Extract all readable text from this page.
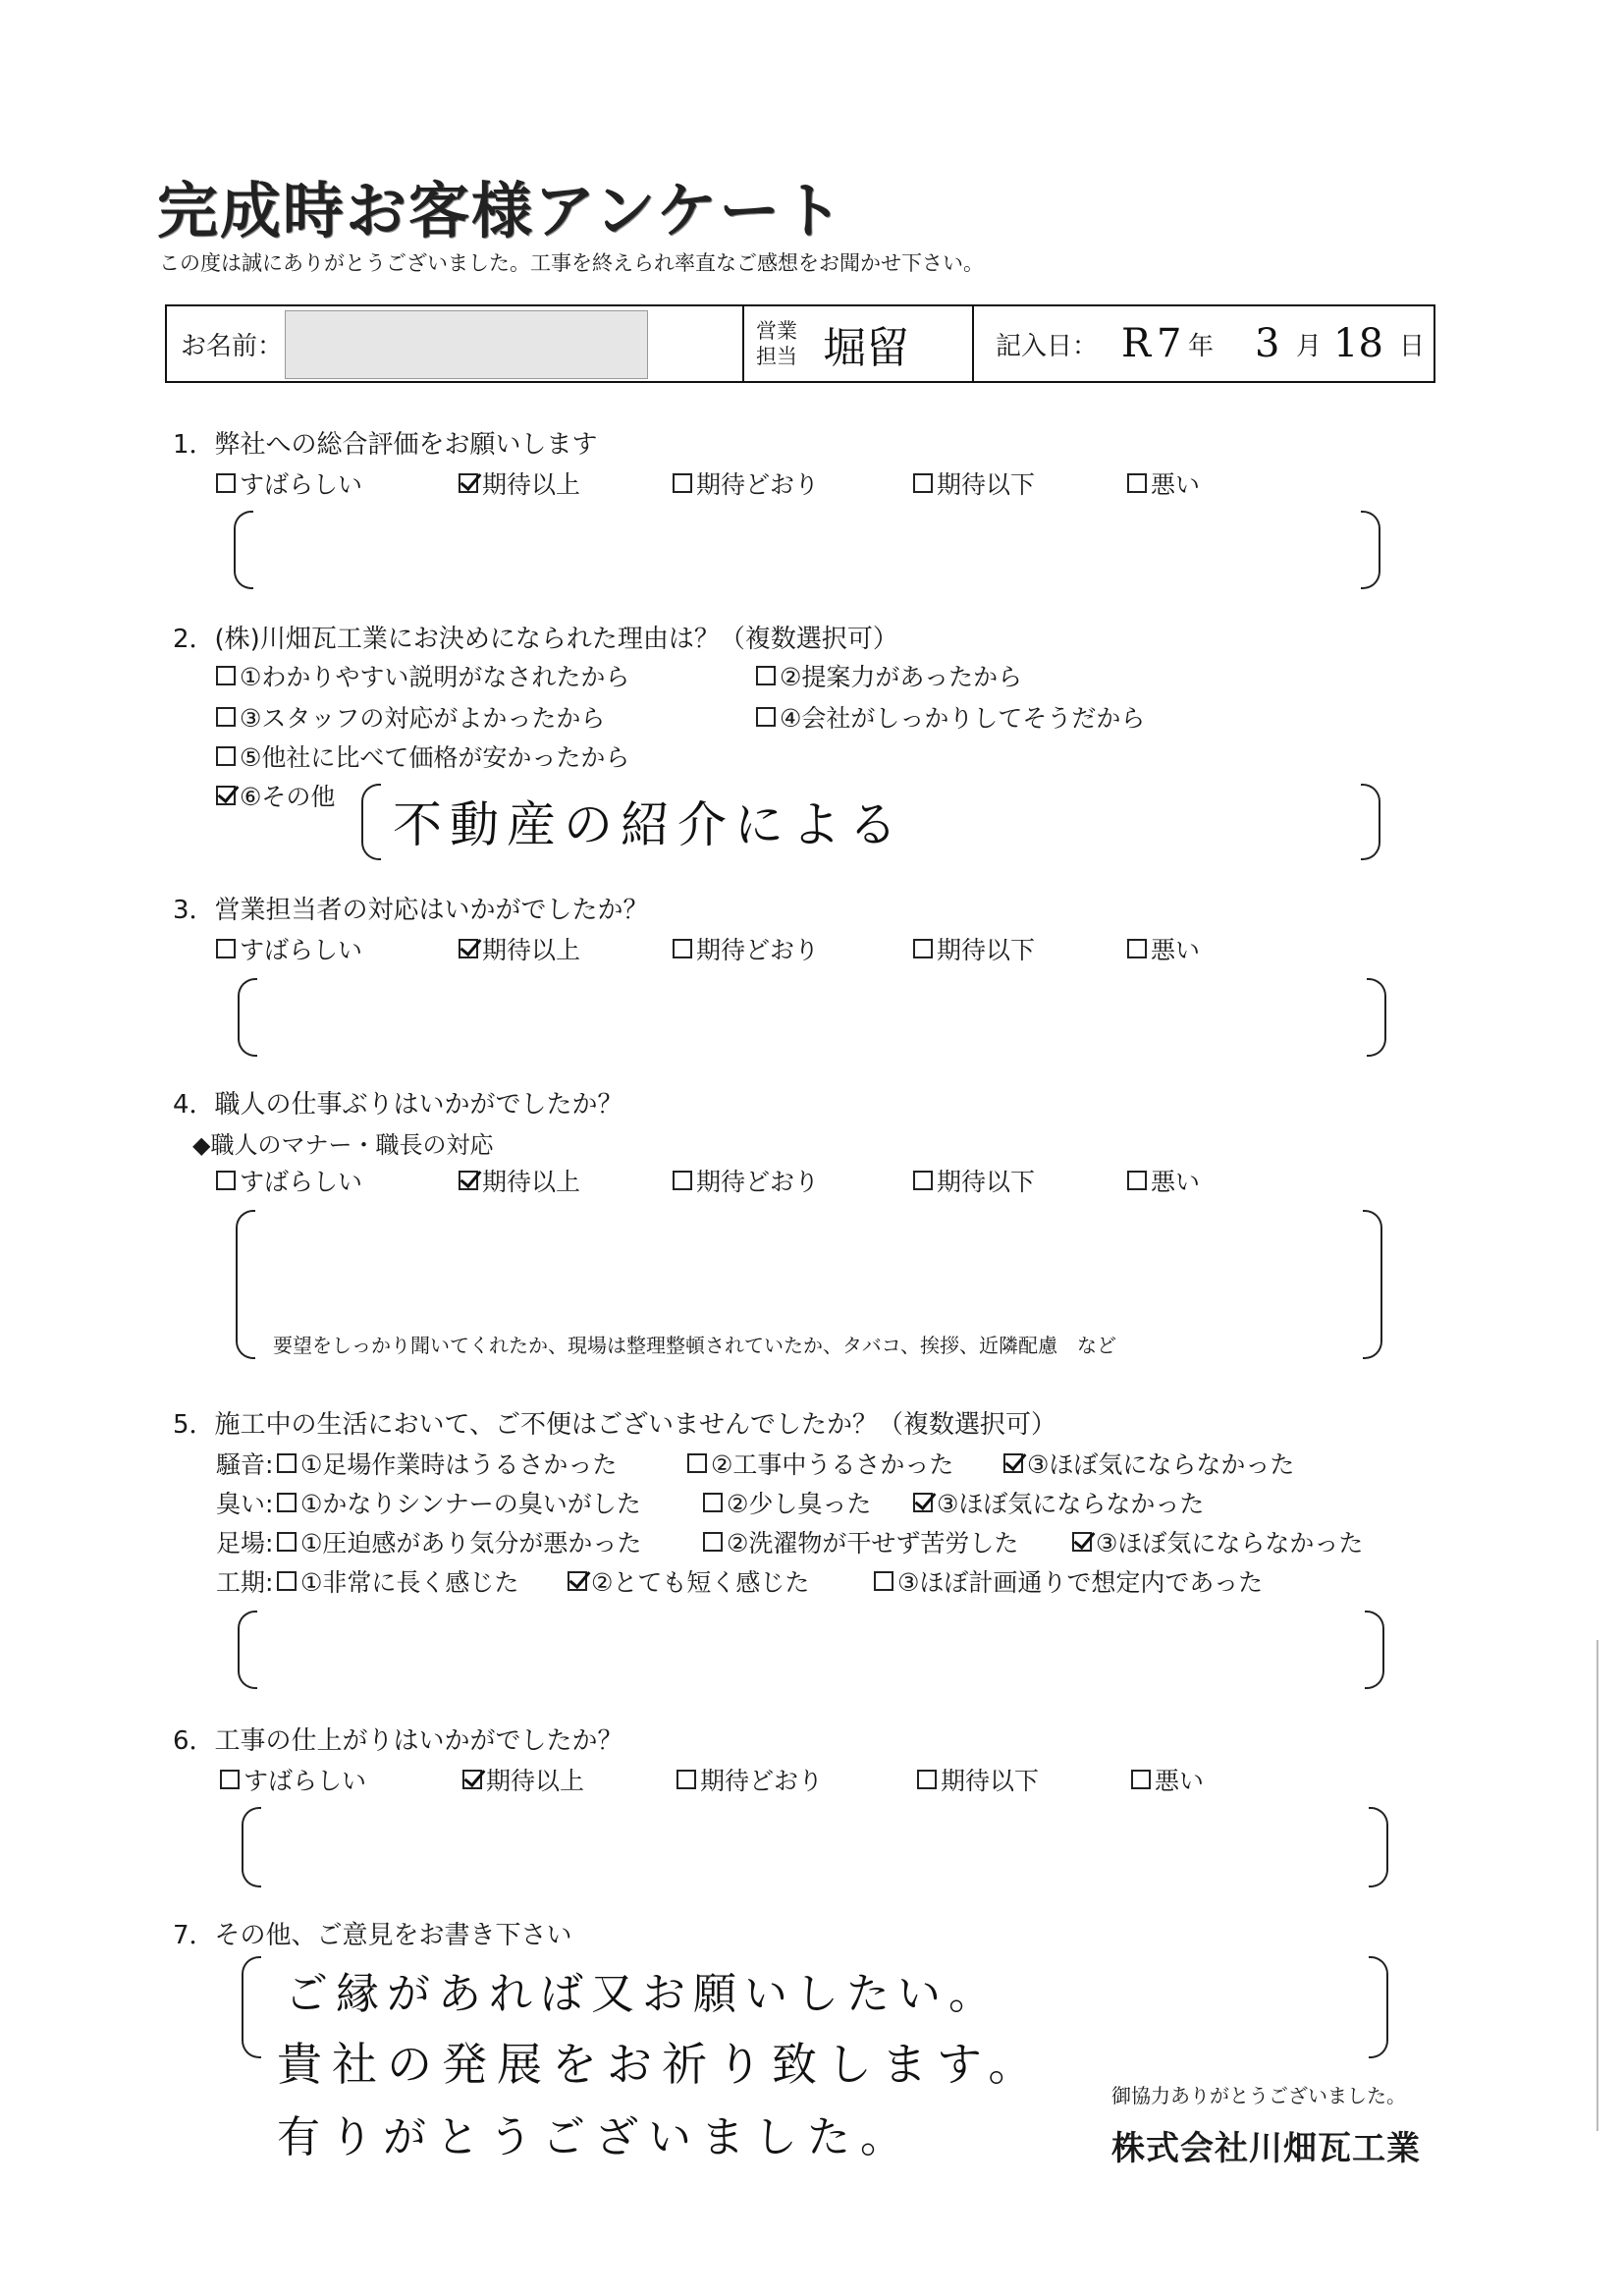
完成時お客様アンケート
この度は誠にありがとうございました。工事を終えられ率直なご感想をお聞かせ下さい。
お名前：
営業
担当 堀留	記入日： R 7 年 3 月 18 日
1．弊社への総合評価をお願いします
すばらしい	期待以上	期待どおり	期待以下	悪い
2．(株)川畑瓦工業にお決めになられた理由は？（複数選択可）
①わかりやすい説明がなされたから	②提案力があったから
③スタッフの対応がよかったから	④会社がしっかりしてそうだから
⑤他社に比べて価格が安かったから
⑥その他 不動産の紹介による
3．営業担当者の対応はいかがでしたか？
すばらしい	期待以上	期待どおり	期待以下	悪い
4．職人の仕事ぶりはいかがでしたか？
◆職人のマナー・職長の対応
すばらしい	期待以上	期待どおり	期待以下	悪い
要望をしっかり聞いてくれたか、現場は整理整頓されていたか、タバコ、挨拶、近隣配慮　など
5．施工中の生活において、ご不便はございませんでしたか？（複数選択可）
騒音: ①足場作業時はうるさかった	②工事中うるさかった	③ほぼ気にならなかった
臭い: ①かなりシンナーの臭いがした	②少し臭った	③ほぼ気にならなかった
足場: ①圧迫感があり気分が悪かった	②洗濯物が干せず苦労した	③ほぼ気にならなかった
工期: ①非常に長く感じた	②とても短く感じた	③ほぼ計画通りで想定内であった
6．工事の仕上がりはいかがでしたか？
すばらしい	期待以上	期待どおり	期待以下	悪い
7．その他、ご意見をお書き下さい
ご縁があれば又お願いしたい。
貴社の発展をお祈り致します。
有りがとうございました。
御協力ありがとうございました。
株式会社川畑瓦工業
